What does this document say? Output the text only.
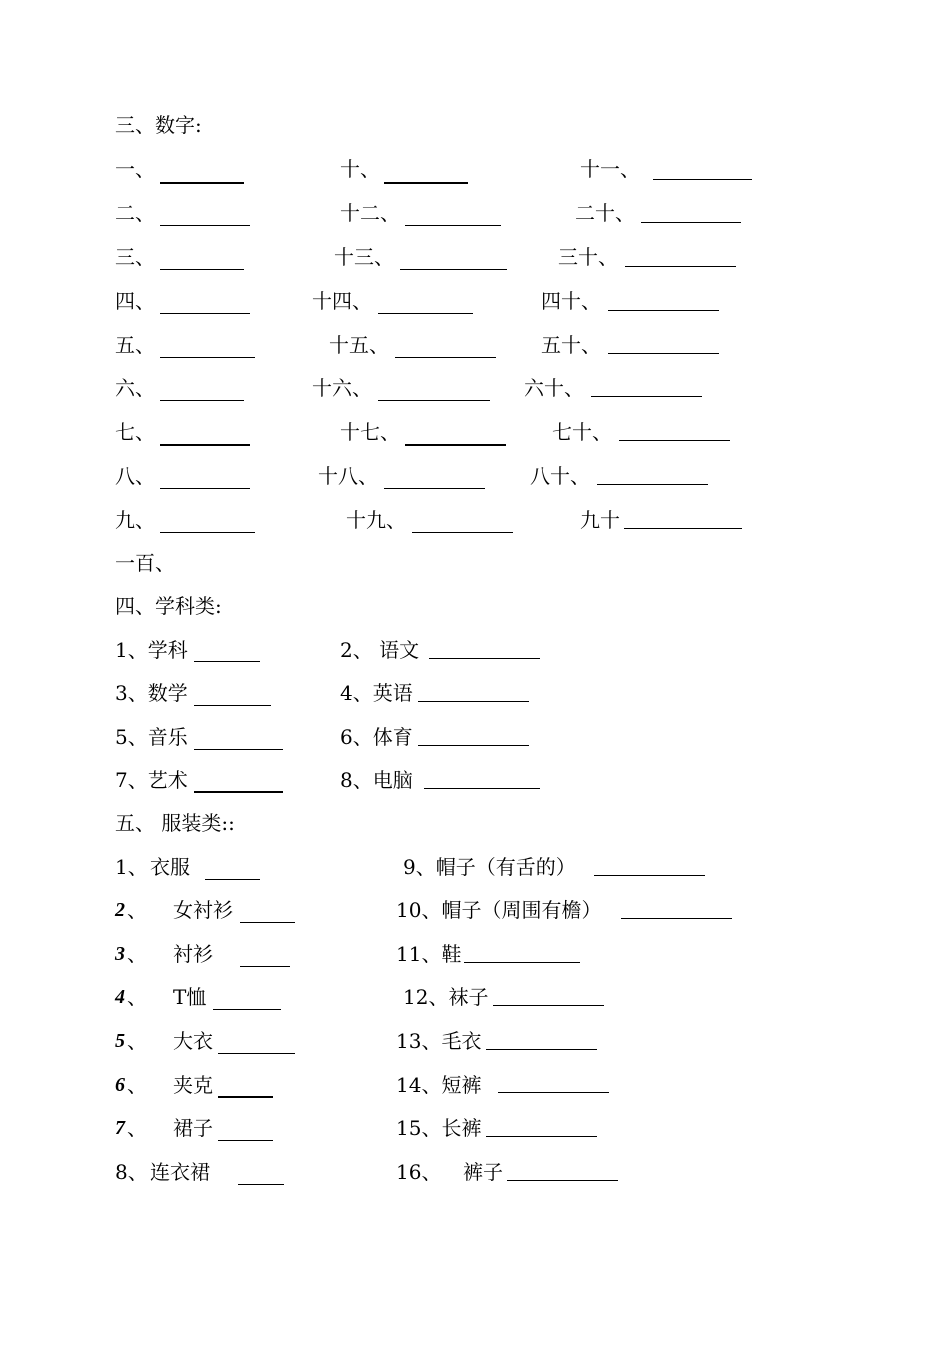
三、数字:
一、	十、	十一、
二、	十二、	二十、
三、	十三、	三十、
四、	十四、	四十、
五、	十五、	五十、
六、	十六、	六十、
七、	十七、	七十、
八、	十八、	八十、
九、	十九、	九十
一百、
四、学科类:
1、学科	2、 语文
3、数学	4、英语
5、音乐	6、体育
7、艺术	8、电脑
五、 服装类::
1、 衣服	9、帽子（有舌的）
2 、 女衬衫	10、帽子（周围有檐）
3 、 衬衫	11、鞋
4 、 T恤	12、袜子
5 、 大衣	13、毛衣
6 、 夹克	14、短裤
7 、 裙子	15、长裤
8、 连衣裙	16、 裤子
